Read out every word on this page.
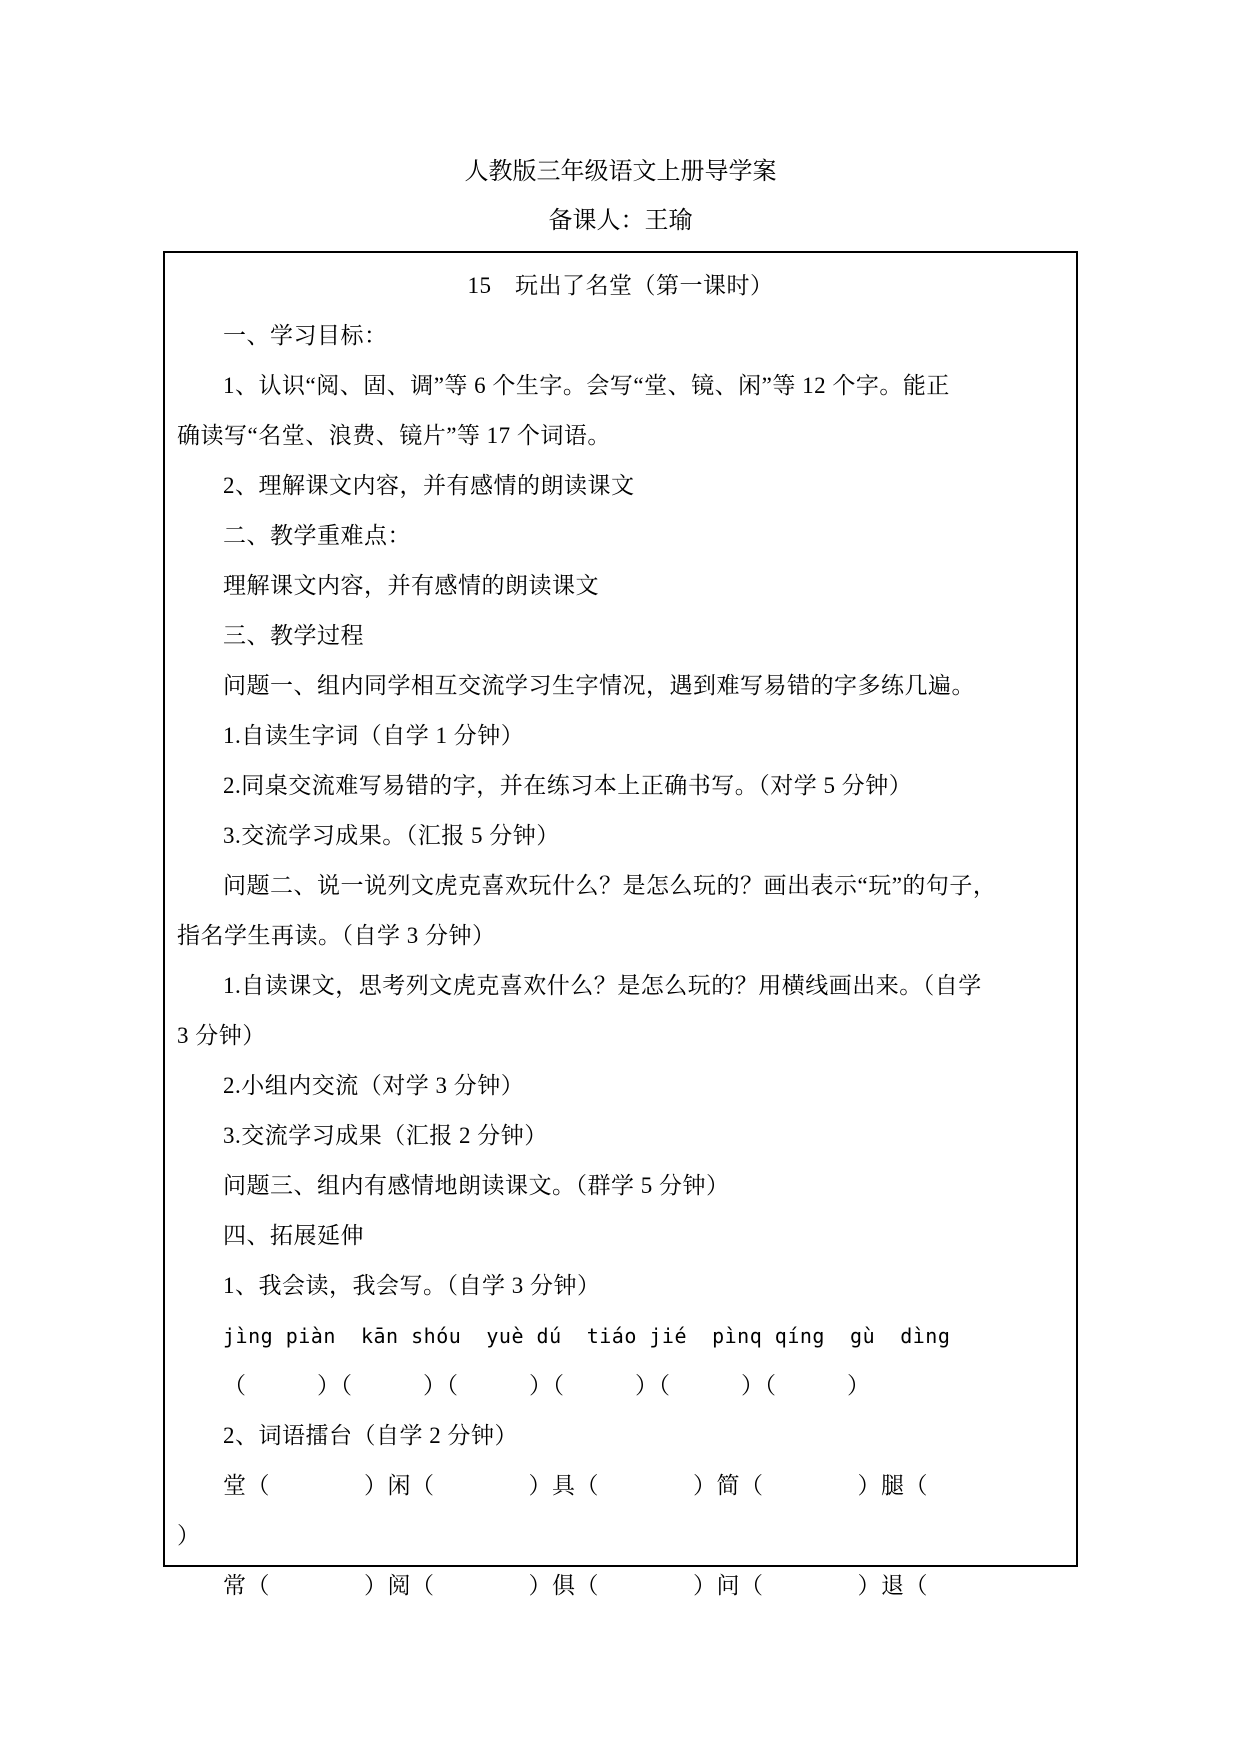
人教版三年级语文上册导学案
备课人：王瑜

15　玩出了名堂（第一课时）

一、学习目标：

1、认识“阅、固、调”等 6 个生字。会写“堂、镜、闲”等 12 个字。能正

确读写“名堂、浪费、镜片”等 17 个词语。

2、理解课文内容，并有感情的朗读课文

二、教学重难点：

理解课文内容，并有感情的朗读课文

三、教学过程

问题一、组内同学相互交流学习生字情况，遇到难写易错的字多练几遍。

1.自读生字词（自学 1 分钟）

2.同桌交流难写易错的字，并在练习本上正确书写。（对学 5 分钟）

3.交流学习成果。（汇报 5 分钟）

问题二、说一说列文虎克喜欢玩什么？是怎么玩的？画出表示“玩”的句子，

指名学生再读。（自学 3 分钟）

1.自读课文，思考列文虎克喜欢什么？是怎么玩的？用横线画出来。（自学

3 分钟）

2.小组内交流（对学 3 分钟）

3.交流学习成果（汇报 2 分钟）

问题三、组内有感情地朗读课文。（群学 5 分钟）

四、拓展延伸

1、我会读，我会写。（自学 3 分钟）

jìng piàn  kān shóu  yuè dú  tiáo jié  pìnq qíng  gù  dìng

（　　　）（　　　）（　　　）（　　　）（　　　）（　　　）

2、词语擂台（自学 2 分钟）

堂（　　　　）闲（　　　　）具（　　　　）简（　　　　）腿（

）

常（　　　　）阅（　　　　）俱（　　　　）问（　　　　）退（
